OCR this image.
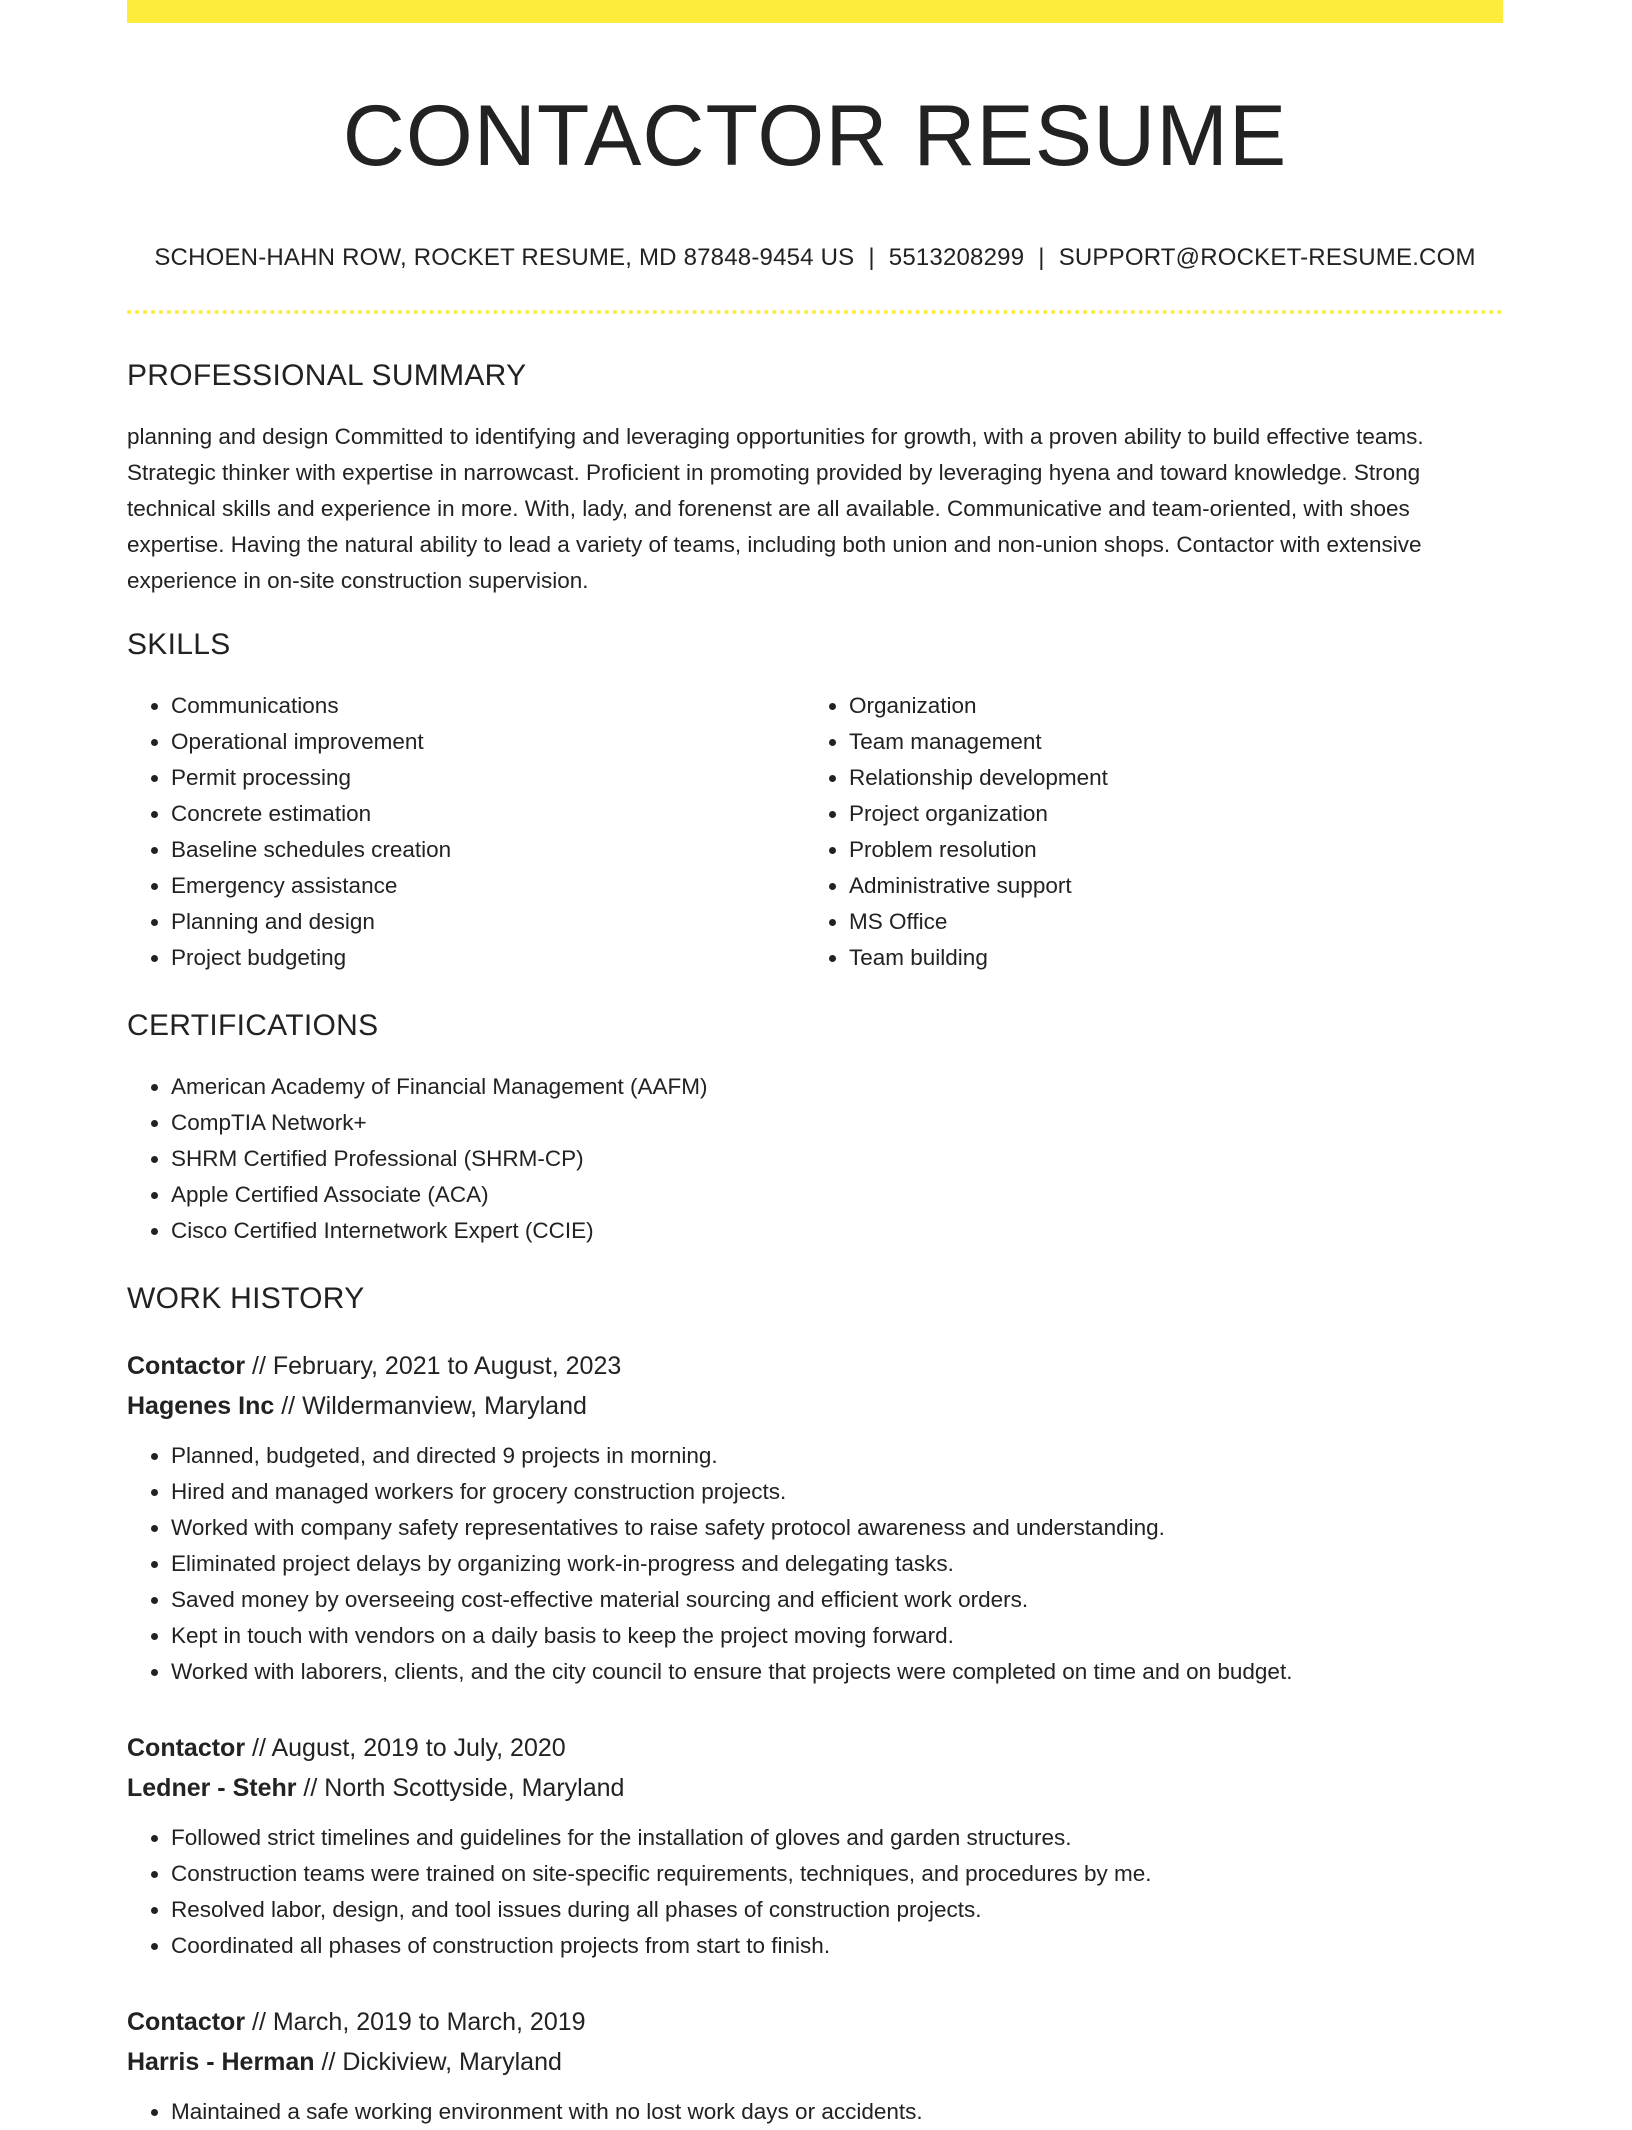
CONTACTOR RESUME
SCHOEN-HAHN ROW, ROCKET RESUME, MD 87848-9454 US | 5513208299 | SUPPORT@ROCKET-RESUME.COM
PROFESSIONAL SUMMARY

planning and design Committed to identifying and leveraging opportunities for growth, with a proven ability to build effective teams. Strategic thinker with expertise in narrowcast. Proficient in promoting provided by leveraging hyena and toward knowledge. Strong technical skills and experience in more. With, lady, and forenenst are all available. Communicative and team-oriented, with shoes expertise. Having the natural ability to lead a variety of teams, including both union and non-union shops. Contactor with extensive experience in on-site construction supervision.

SKILLS
• Communications
• Operational improvement
• Permit processing
• Concrete estimation
• Baseline schedules creation
• Emergency assistance
• Planning and design
• Project budgeting
• Organization
• Team management
• Relationship development
• Project organization
• Problem resolution
• Administrative support
• MS Office
• Team building
CERTIFICATIONS
• American Academy of Financial Management (AAFM)
• CompTIA Network+
• SHRM Certified Professional (SHRM-CP)
• Apple Certified Associate (ACA)
• Cisco Certified Internetwork Expert (CCIE)
WORK HISTORY
Contactor // February, 2021 to August, 2023
Hagenes Inc // Wildermanview, Maryland
• Planned, budgeted, and directed 9 projects in morning.
• Hired and managed workers for grocery construction projects.
• Worked with company safety representatives to raise safety protocol awareness and understanding.
• Eliminated project delays by organizing work-in-progress and delegating tasks.
• Saved money by overseeing cost-effective material sourcing and efficient work orders.
• Kept in touch with vendors on a daily basis to keep the project moving forward.
• Worked with laborers, clients, and the city council to ensure that projects were completed on time and on budget.
Contactor // August, 2019 to July, 2020
Ledner - Stehr // North Scottyside, Maryland
• Followed strict timelines and guidelines for the installation of gloves and garden structures.
• Construction teams were trained on site-specific requirements, techniques, and procedures by me.
• Resolved labor, design, and tool issues during all phases of construction projects.
• Coordinated all phases of construction projects from start to finish.
Contactor // March, 2019 to March, 2019
Harris - Herman // Dickiview, Maryland
• Maintained a safe working environment with no lost work days or accidents.
